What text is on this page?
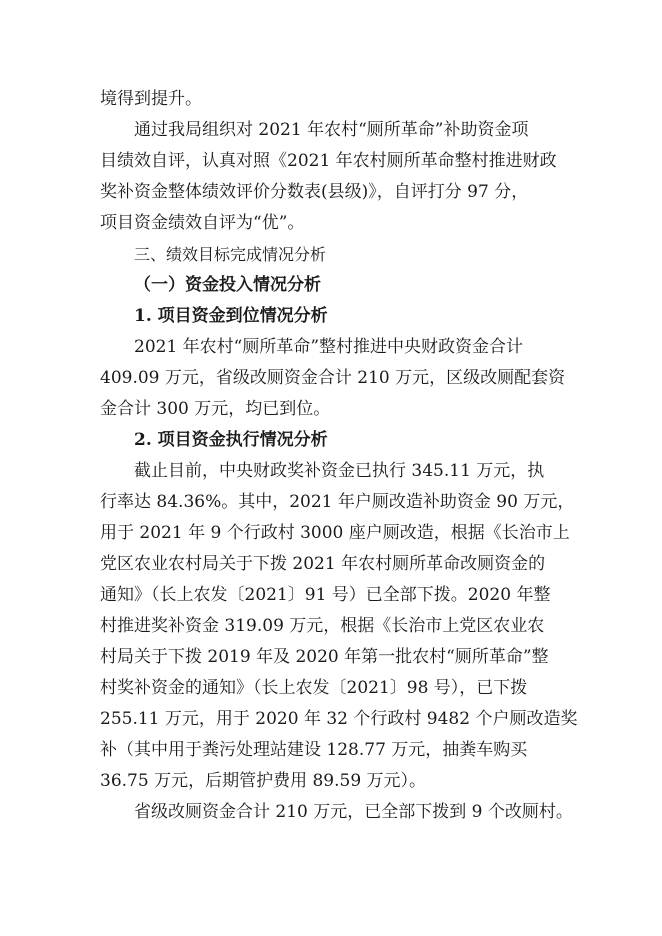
境得到提升。
通过我局组织对 2021 年农村“厕所革命”补助资金项
目绩效自评，认真对照《2021 年农村厕所革命整村推进财政
奖补资金整体绩效评价分数表(县级)》，自评打分 97 分，
项目资金绩效自评为“优”。
三、绩效目标完成情况分析
（一）资金投入情况分析
1. 项目资金到位情况分析
2021 年农村“厕所革命”整村推进中央财政资金合计
409.09 万元，省级改厕资金合计 210 万元，区级改厕配套资
金合计 300 万元，均已到位。
2. 项目资金执行情况分析
截止目前，中央财政奖补资金已执行 345.11 万元，执
行率达 84.36%。其中，2021 年户厕改造补助资金 90 万元，
用于 2021 年 9 个行政村 3000 座户厕改造，根据《长治市上
党区农业农村局关于下拨 2021 年农村厕所革命改厕资金的
通知》（长上农发〔2021〕91 号）已全部下拨。2020 年整
村推进奖补资金 319.09 万元，根据《长治市上党区农业农
村局关于下拨 2019 年及 2020 年第一批农村“厕所革命”整
村奖补资金的通知》（长上农发〔2021〕98 号），已下拨
255.11 万元，用于 2020 年 32 个行政村 9482 个户厕改造奖
补（其中用于粪污处理站建设 128.77 万元，抽粪车购买
36.75 万元，后期管护费用 89.59 万元）。
省级改厕资金合计 210 万元，已全部下拨到 9 个改厕村。
